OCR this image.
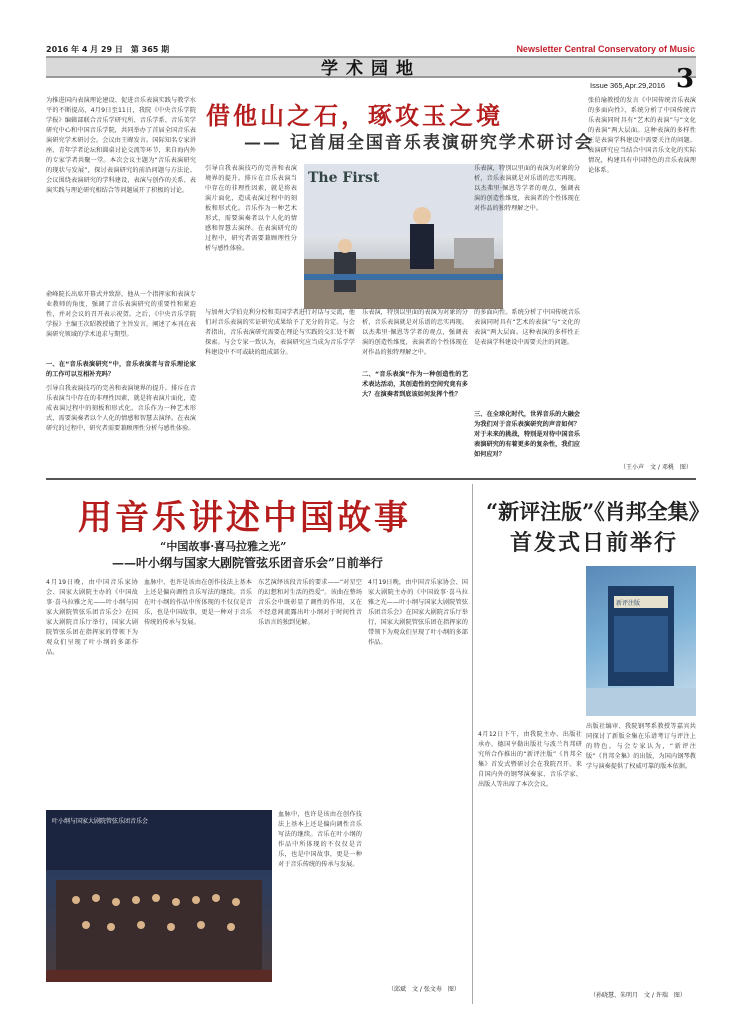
2016 年 4 月 29 日　第 365 期	Newsletter Central Conservatory of Music
学术园地
Issue 365,Apr.29,2016 3
借他山之石，琢攻玉之境
—— 记首届全国音乐表演研究学术研讨会
为推进国内表演理论建设、促进音乐表演实践与教学水平的不断提高，4月9日至11日，我院《中央音乐学院学报》编辑部联合音乐学研究所、音乐学系、音乐美学研究中心和中国音乐学院，共同举办了首届全国音乐表演研究学术研讨会。会议由王暐发言。国际知名专家讲座、青年学者论坛和圆桌讨论交流等环节，来自海内外的专家学者共聚一堂。本次会议主题为“音乐表演研究的现状与发展”，探讨表演研究的前沿问题与方法论。会议围绕表演研究的学科建设、表演与创作的关系、表演实践与理论研究相结合等问题展开了积极的讨论。
俞峰院长出席开幕式并致辞，他从一个指挥家和表演专业教师的角度，强调了音乐表演研究的重要性和紧迫性，并对会议的召开表示祝贺。之后，《中央音乐学院学报》主编王次昭教授做了主旨发言，阐述了本刊在表演研究领域的学术追求与期望。
一、在“音乐表演研究”中，音乐表演者与音乐理论家的工作可以互相补充吗？
引导自我表演技巧的完善和表演境界的提升。排斥在音乐表演当中存在的非理性因素，就是将表演片面化，造成表演过程中的刻板和形式化。音乐作为一种艺术形式，需要演奏者以个人化的情感和智慧去演绎。在表演研究的过程中，研究者需要兼顾理性分析与感性体验。
引导自我表演技巧的完善和表演境界的提升。排斥在音乐表演当中存在的非理性因素，就是将表演片面化，造成表演过程中的刻板和形式化。音乐作为一种艺术形式，需要演奏者以个人化的情感和智慧去演绎。在表演研究的过程中，研究者需要兼顾理性分析与感性体验。
与加州大学伯克利分校和美国学者进行对话与交流，他们对音乐表演的实证研究成果给予了充分的肯定。与会者指出，音乐表演研究需要在理论与实践的交汇处不断探索。与会专家一致认为，表演研究应当成为音乐学学科建设中不可或缺的组成部分。
The First
乐表演，特别以里面的表演为对象的分析，音乐表演就是对乐谱的忠实再现。以杰弗里·佩恩等学者的观点，强调表演的创造性维度，表演者的个性体现在对作品的独特理解之中。
二、“音乐表演”作为一种创造性的艺术表达活动，其创造性的空间究竟有多大？在演奏者到底该如何发挥个性？
乐表演，特别以里面的表演为对象的分析，音乐表演就是对乐谱的忠实再现。以杰弗里·佩恩等学者的观点，强调表演的创造性维度，表演者的个性体现在对作品的独特理解之中。
的多面向性。系统分析了中国传统音乐表演同时具有“艺术的表演”与“文化的表演”两大层面。这种表演的多样性正是表演学科建设中需要关注的问题。
三、在全球化时代，世界音乐的大融会为我们对于音乐表演研究的声音如何？对于未来的挑战，特别是对待中国音乐表演研究的有着更多的复杂性，我们应如何应对？
张伯瑜教授的发言《中国传统音乐表演的多面向性》，系统分析了中国传统音乐表演同时具有“艺术的表演”与“文化的表演”两大层面。这种表演的多样性正是表演学科建设中需要关注的问题。表演研究应当结合中国音乐文化的实际情况，构建具有中国特色的音乐表演理论体系。
（王小声　文 / 邓桃　图）
用音乐讲述中国故事
“中国故事·喜马拉雅之光”
——叶小纲与国家大剧院管弦乐团音乐会”日前举行
4月19日晚，由中国音乐家协会、国家大剧院主办的《中国故事·喜马拉雅之光——叶小纲与国家大剧院管弦乐团音乐会》在国家大剧院音乐厅举行，国家大剧院管弦乐团在指挥家的带领下为观众们呈现了叶小纲的多部作品。
血脉中，也许是该由在创作技法上基本上还是偏向调性音乐写法的继续。音乐在叶小纲的作品中所体现的不仅仅是音乐，也是中国故事，更是一种对于音乐传统的传承与发展。
东艺演绎该段音乐的要求——“对星空的幻想和对生活的热爱”。该曲在整场音乐会中既彰显了调性的作用，又在不经意间流露出叶小纲对于时间性音乐语言的独到见解。
4月19日晚，由中国音乐家协会、国家大剧院主办的《中国故事·喜马拉雅之光——叶小纲与国家大剧院管弦乐团音乐会》在国家大剧院音乐厅举行，国家大剧院管弦乐团在指挥家的带领下为观众们呈现了叶小纲的多部作品。
血脉中，也许是该由在创作技法上基本上还是偏向调性音乐写法的继续。音乐在叶小纲的作品中所体现的不仅仅是音乐，也是中国故事，更是一种对于音乐传统的传承与发展。
叶小纲与国家大剧院管弦乐团音乐会
（邱斌　文 / 张文寿　图）
“新评注版”《肖邦全集》
首发式日前举行
4月12日下午，由我院主办、出版社承办，德国亨勒出版社与波兰肖邦研究所合作推出的“新评注版”《肖邦全集》首发式暨研讨会在我院召开。来自国内外的钢琴演奏家、音乐学家、出版人等出席了本次会议。
出版社编审、我院钢琴系教授等嘉宾共同探讨了新版全集在乐谱考订与评注上的特色。与会专家认为，“新评注版”《肖邦全集》的出版，为国内钢琴教学与演奏提供了权威可靠的版本依据。
新评注版
（孙晓慧、朱明月　文 / 许瑞　图）
